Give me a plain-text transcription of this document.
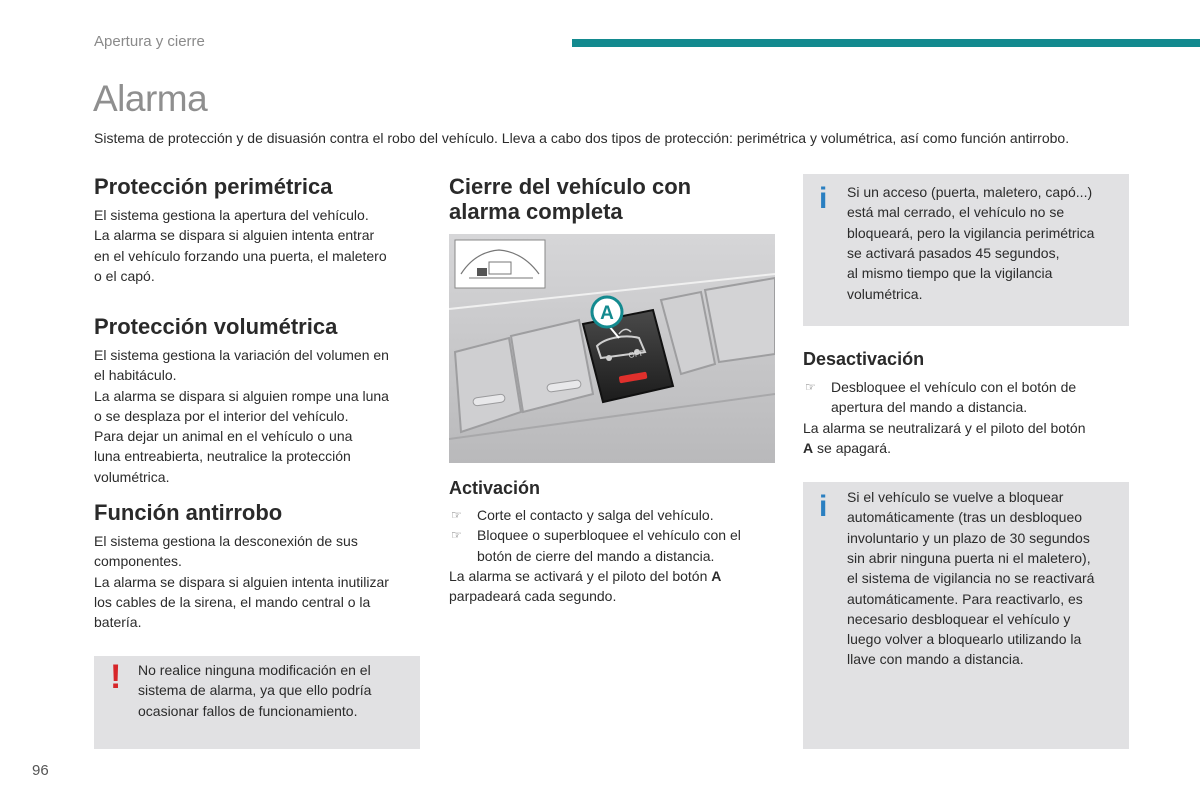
Apertura y cierre
Alarma

Sistema de protección y de disuasión contra el robo del vehículo. Lleva a cabo dos tipos de protección: perimétrica y volumétrica, así como función antirrobo.

Protección perimétrica

El sistema gestiona la apertura del vehículo.

La alarma se dispara si alguien intenta entrar

en el vehículo forzando una puerta, el maletero

o el capó.

Protección volumétrica

El sistema gestiona la variación del volumen en

el habitáculo.

La alarma se dispara si alguien rompe una luna

o se desplaza por el interior del vehículo.

Para dejar un animal en el vehículo o una

luna entreabierta, neutralice la protección

volumétrica.

Función antirrobo

El sistema gestiona la desconexión de sus

componentes.

La alarma se dispara si alguien intenta inutilizar

los cables de la sirena, el mando central o la

batería.

! No realice ninguna modificación en el

sistema de alarma, ya que ello podría

ocasionar fallos de funcionamiento.

Cierre del vehículo con
alarma completa
OFF
A
Activación
☞ Corte el contacto y salga del vehículo.
☞ Bloquee o superbloquee el vehículo con el
botón de cierre del mando a distancia.

La alarma se activará y el piloto del botón A

parpadeará cada segundo.

i Si un acceso (puerta, maletero, capó...)

está mal cerrado, el vehículo no se

bloqueará, pero la vigilancia perimétrica

se activará pasados 45 segundos,

al mismo tiempo que la vigilancia

volumétrica.

Desactivación
☞ Desbloquee el vehículo con el botón de
apertura del mando a distancia.

La alarma se neutralizará y el piloto del botón

A se apagará.

i Si el vehículo se vuelve a bloquear

automáticamente (tras un desbloqueo

involuntario y un plazo de 30 segundos

sin abrir ninguna puerta ni el maletero),

el sistema de vigilancia no se reactivará

automáticamente. Para reactivarlo, es

necesario desbloquear el vehículo y

luego volver a bloquearlo utilizando la

llave con mando a distancia.

96
